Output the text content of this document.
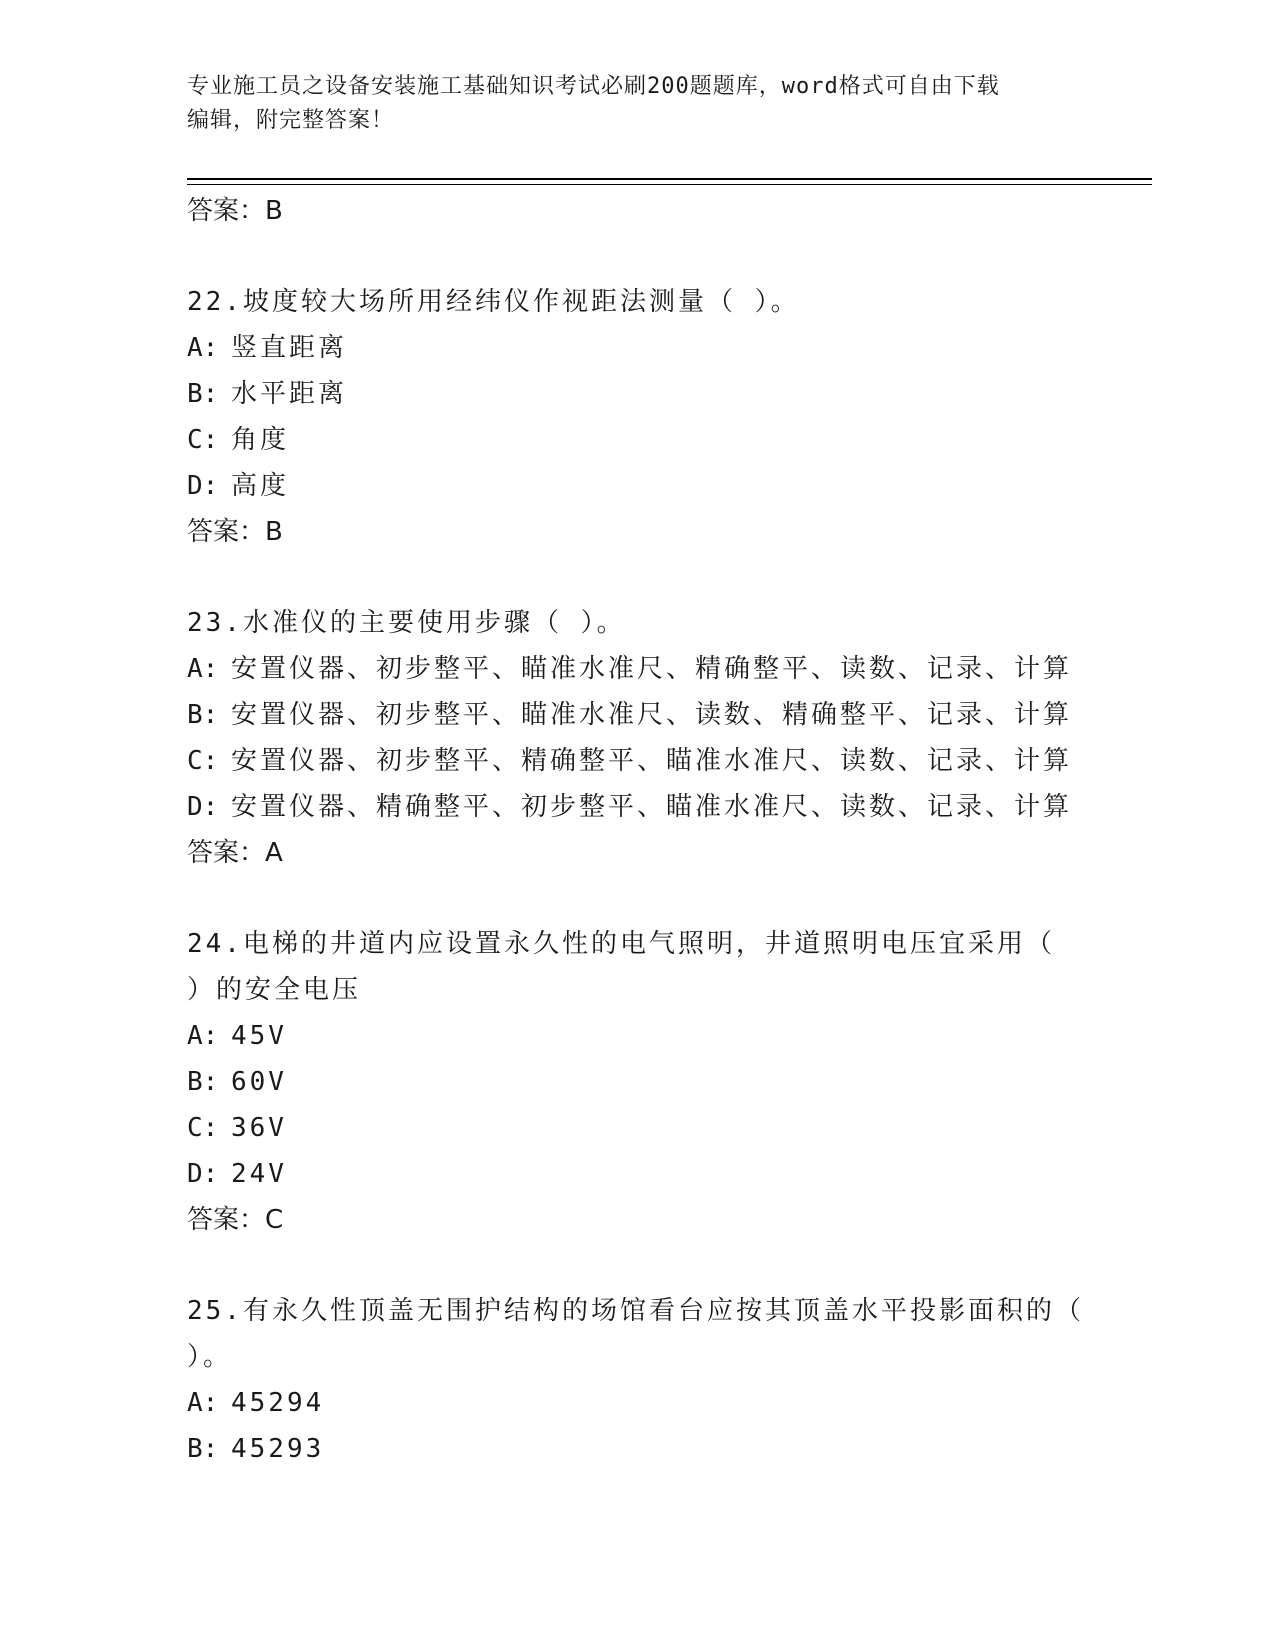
专业施工员之设备安装施工基础知识考试必刷200题题库，word格式可自由下载
编辑，附完整答案！
答案：B
22.坡度较大场所用经纬仪作视距法测量（ ）。
A: 竖直距离
B: 水平距离
C: 角度
D: 高度
答案：B
23.水准仪的主要使用步骤（ ）。
A: 安置仪器、初步整平、瞄准水准尺、精确整平、读数、记录、计算
B: 安置仪器、初步整平、瞄准水准尺、读数、精确整平、记录、计算
C: 安置仪器、初步整平、精确整平、瞄准水准尺、读数、记录、计算
D: 安置仪器、精确整平、初步整平、瞄准水准尺、读数、记录、计算
答案：A
24.电梯的井道内应设置永久性的电气照明，井道照明电压宜采用（
）的安全电压
A: 45V
B: 60V
C: 36V
D: 24V
答案：C
25.有永久性顶盖无围护结构的场馆看台应按其顶盖水平投影面积的（
）。
A: 45294
B: 45293
